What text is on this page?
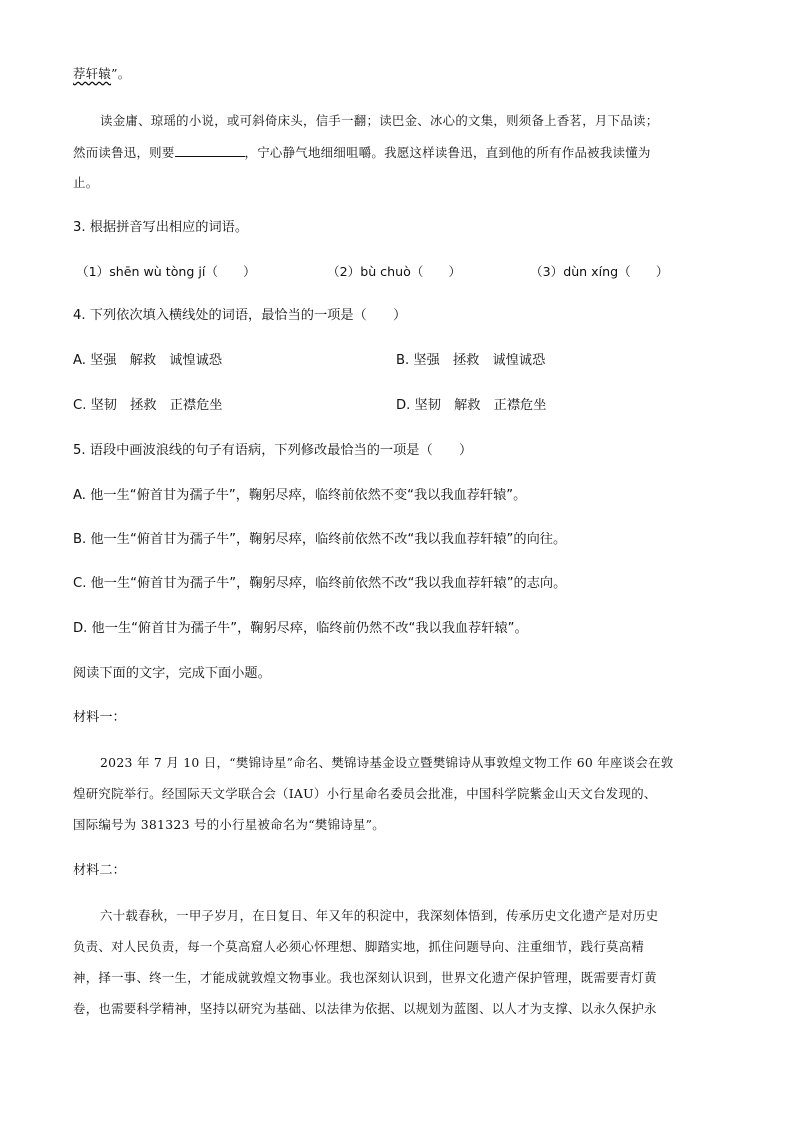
荐轩辕”。
读金庸、琼瑶的小说，或可斜倚床头，信手一翻；读巴金、冰心的文集，则须备上香茗，月下品读；
然而读鲁迅，则要	，宁心静气地细细咀嚼。我愿这样读鲁迅，直到他的所有作品被我读懂为
止。
3. 根据拼音写出相应的词语。
（1）shēn wù tòng jí（　　）	（2）bù chuò（　　）	（3）dùn xíng（　　）
4. 下列依次填入横线处的词语，最恰当的一项是（　　）
A. 坚强　解救　诚惶诚恐	B. 坚强　拯救　诚惶诚恐
C. 坚韧　拯救　正襟危坐	D. 坚韧　解救　正襟危坐
5. 语段中画波浪线的句子有语病，下列修改最恰当的一项是（　　）
A. 他一生“俯首甘为孺子牛”，鞠躬尽瘁，临终前依然不变“我以我血荐轩辕”。
B. 他一生“俯首甘为孺子牛”，鞠躬尽瘁，临终前依然不改“我以我血荐轩辕”的向往。
C. 他一生“俯首甘为孺子牛”，鞠躬尽瘁，临终前依然不改“我以我血荐轩辕”的志向。
D. 他一生“俯首甘为孺子牛”，鞠躬尽瘁，临终前仍然不改“我以我血荐轩辕”。
阅读下面的文字，完成下面小题。
材料一：
2023 年 7 月 10 日，“樊锦诗星”命名、樊锦诗基金设立暨樊锦诗从事敦煌文物工作 60 年座谈会在敦
煌研究院举行。经国际天文学联合会（IAU）小行星命名委员会批准，中国科学院紫金山天文台发现的、
国际编号为 381323 号的小行星被命名为“樊锦诗星”。
材料二：
六十载春秋，一甲子岁月，在日复日、年又年的积淀中，我深刻体悟到，传承历史文化遗产是对历史
负责、对人民负责，每一个莫高窟人必须心怀理想、脚踏实地，抓住问题导向、注重细节，践行莫高精
神，择一事、终一生，才能成就敦煌文物事业。我也深刻认识到，世界文化遗产保护管理，既需要青灯黄
卷，也需要科学精神，坚持以研究为基础、以法律为依据、以规划为蓝图、以人才为支撑、以永久保护永
